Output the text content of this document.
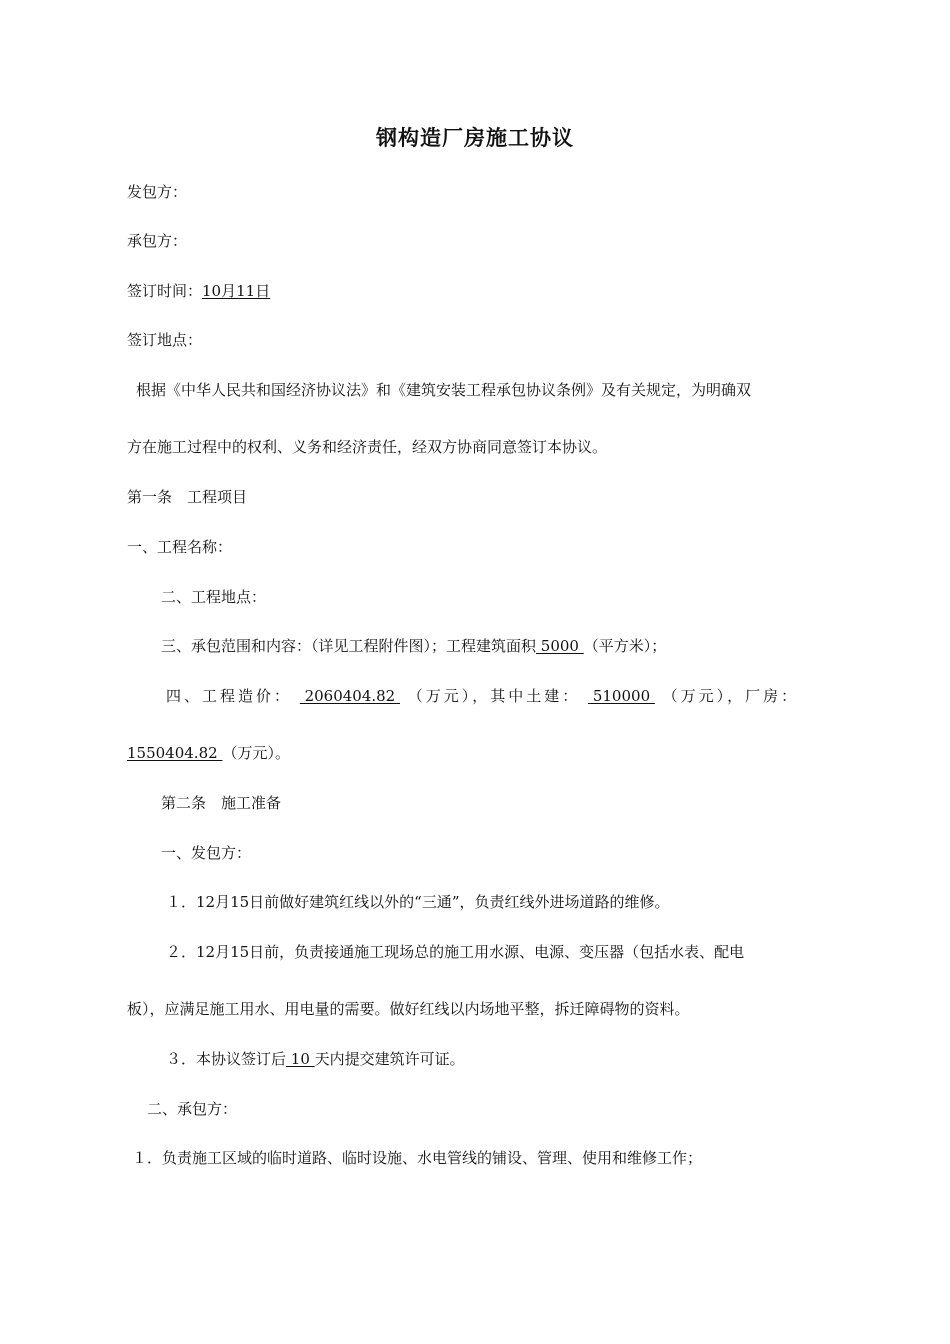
钢构造厂房施工协议
发包方：
承包方：
签订时间：10月11日
签订地点：
根据《中华人民共和国经济协议法》和《建筑安装工程承包协议条例》及有关规定，为明确双
方在施工过程中的权利、义务和经济责任，经双方协商同意签订本协议。
第一条　工程项目
一、工程名称：
二、工程地点：
三、承包范围和内容：（详见工程附件图）；工程建筑面积 5000 （平方米）；
四、工程造价：  2060404.82  （万元），其中土建：  510000  （万元），厂房：
1550404.82 （万元）。
第二条　施工准备
一、发包方：
１．12月15日前做好建筑红线以外的“三通”，负责红线外进场道路的维修。
２．12月15日前，负责接通施工现场总的施工用水源、电源、变压器（包括水表、配电
板），应满足施工用水、用电量的需要。做好红线以内场地平整，拆迁障碍物的资料。
３．本协议签订后 10 天内提交建筑许可证。
二、承包方：
１．负责施工区域的临时道路、临时设施、水电管线的铺设、管理、使用和维修工作；
